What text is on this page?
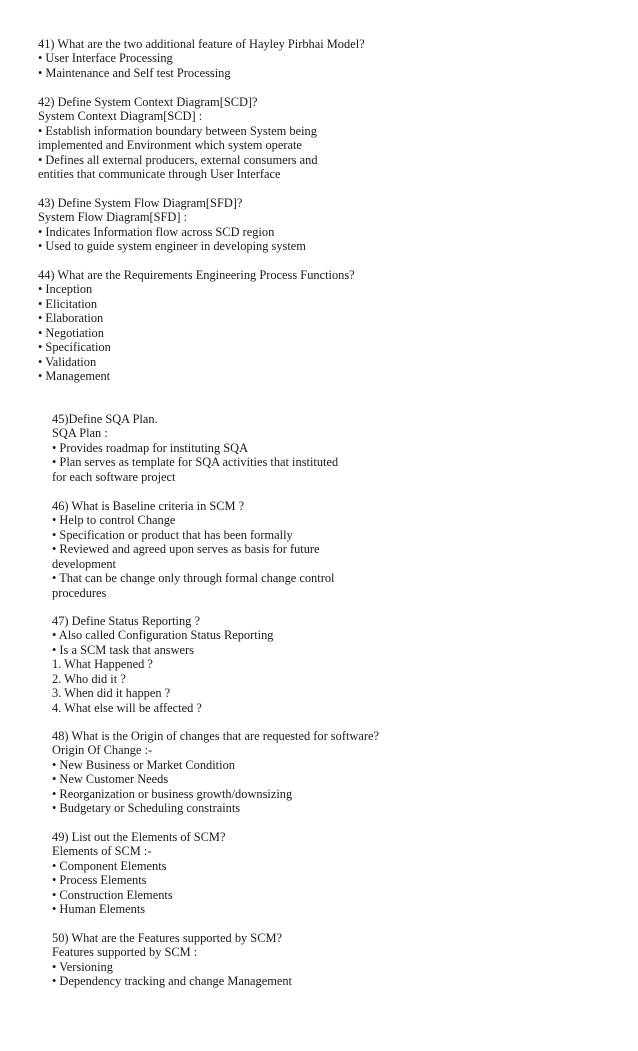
41) What are the two additional feature of Hayley Pirbhai Model?
• User Interface Processing
• Maintenance and Self test Processing
42) Define System Context Diagram[SCD]?
System Context Diagram[SCD] :
• Establish information boundary between System being
implemented and Environment which system operate
• Defines all external producers, external consumers and
entities that communicate through User Interface
43) Define System Flow Diagram[SFD]?
System Flow Diagram[SFD] :
• Indicates Information flow across SCD region
• Used to guide system engineer in developing system
44) What are the Requirements Engineering Process Functions?
• Inception
• Elicitation
• Elaboration
• Negotiation
• Specification
• Validation
• Management
45)Define SQA Plan.
SQA Plan :
• Provides roadmap for instituting SQA
• Plan serves as template for SQA activities that instituted
for each software project
46) What is Baseline criteria in SCM ?
• Help to control Change
• Specification or product that has been formally
• Reviewed and agreed upon serves as basis for future
development
• That can be change only through formal change control
procedures
47) Define Status Reporting ?
• Also called Configuration Status Reporting
• Is a SCM task that answers
1. What Happened ?
2. Who did it ?
3. When did it happen ?
4. What else will be affected ?
48) What is the Origin of changes that are requested for software?
Origin Of Change :-
• New Business or Market Condition
• New Customer Needs
• Reorganization or business growth/downsizing
• Budgetary or Scheduling constraints
49) List out the Elements of SCM?
Elements of SCM :-
• Component Elements
• Process Elements
• Construction Elements
• Human Elements
50) What are the Features supported by SCM?
Features supported by SCM :
• Versioning
• Dependency tracking and change Management
